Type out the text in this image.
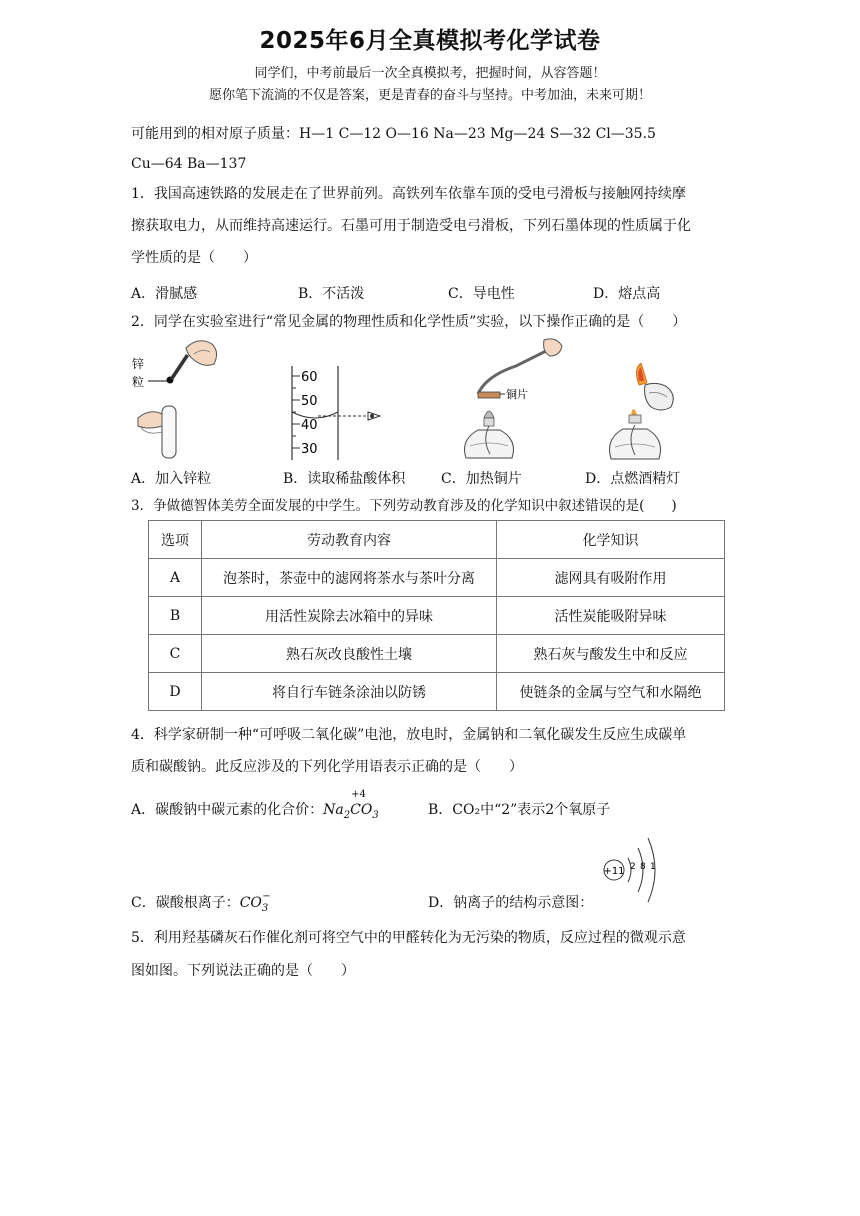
2025年6月全真模拟考化学试卷
同学们，中考前最后一次全真模拟考，把握时间，从容答题！
愿你笔下流淌的不仅是答案，更是青春的奋斗与坚持。中考加油，未来可期！
可能用到的相对原子质量：H—1 C—12 O—16 Na—23 Mg—24 S—32 Cl—35.5
Cu—64 Ba—137
1．我国高速铁路的发展走在了世界前列。高铁列车依靠车顶的受电弓滑板与接触网持续摩
擦获取电力，从而维持高速运行。石墨可用于制造受电弓滑板，下列石墨体现的性质属于化
学性质的是（　　）
A．滑腻感	B．不活泼	C．导电性	D．熔点高
2．同学在实验室进行“常见金属的物理性质和化学性质”实验，以下操作正确的是（　　）
锌
粒	60
50
40
30
铜片
A．加入锌粒	B．读取稀盐酸体积	C．加热铜片	D．点燃酒精灯
3．争做德智体美劳全面发展的中学生。下列劳动教育涉及的化学知识中叙述错误的是(　　)
选项	劳动教育内容	化学知识
A	泡茶时，茶壶中的滤网将茶水与茶叶分离	滤网具有吸附作用
B	用活性炭除去冰箱中的异味	活性炭能吸附异味
C	熟石灰改良酸性土壤	熟石灰与酸发生中和反应
D	将自行车链条涂油以防锈	使链条的金属与空气和水隔绝
4．科学家研制一种“可呼吸二氧化碳”电池，放电时，金属钠和二氧化碳发生反应生成碳单
质和碳酸钠。此反应涉及的下列化学用语表示正确的是（　　）
A．碳酸钠中碳元素的化合价：$Na_2C$
+4
$O_3$	B．CO₂中“2”表示2个氧原子
C．碳酸根离子：$CO_3^-$	D．钠离子的结构示意图：
+11 2 8 1
5．利用羟基磷灰石作催化剂可将空气中的甲醛转化为无污染的物质，反应过程的微观示意
图如图。下列说法正确的是（　　）
